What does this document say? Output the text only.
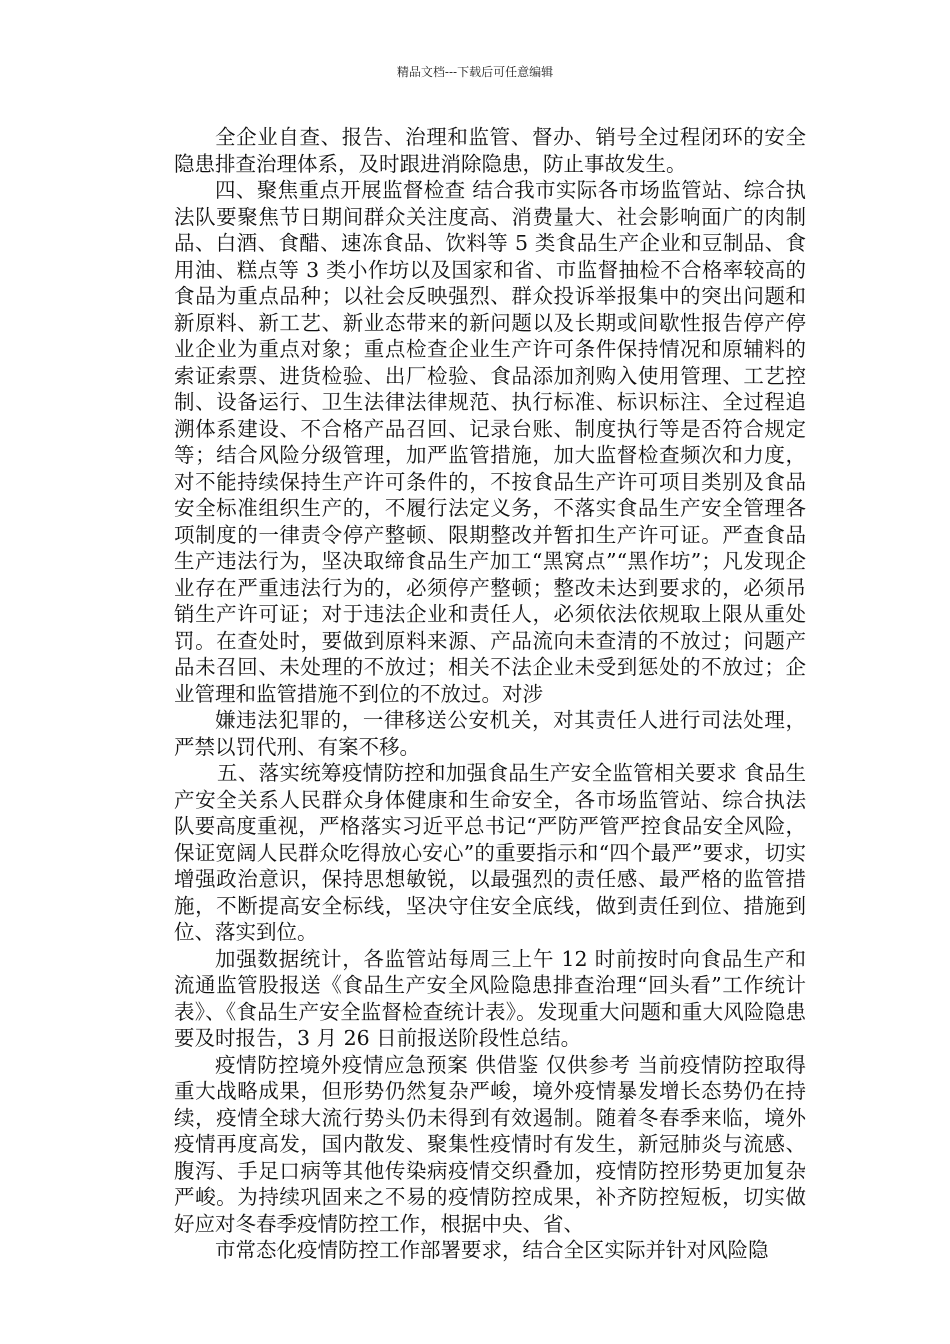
精品文档---下载后可任意编辑

全企业自查、报告、治理和监管、督办、销号全过程闭环的安全隐患排查治理体系，及时跟进消除隐患，防止事故发生。

四、聚焦重点开展监督检查 结合我市实际各市场监管站、综合执法队要聚焦节日期间群众关注度高、消费量大、社会影响面广的肉制品、白酒、食醋、速冻食品、饮料等 5 类食品生产企业和豆制品、食用油、糕点等 3 类小作坊以及国家和省、市监督抽检不合格率较高的食品为重点品种；以社会反映强烈、群众投诉举报集中的突出问题和新原料、新工艺、新业态带来的新问题以及长期或间歇性报告停产停业企业为重点对象；重点检查企业生产许可条件保持情况和原辅料的索证索票、进货检验、出厂检验、食品添加剂购入使用管理、工艺控制、设备运行、卫生法律法律规范、执行标准、标识标注、全过程追溯体系建设、不合格产品召回、记录台账、制度执行等是否符合规定等；结合风险分级管理，加严监管措施，加大监督检查频次和力度，对不能持续保持生产许可条件的，不按食品生产许可项目类别及食品安全标准组织生产的，不履行法定义务，不落实食品生产安全管理各项制度的一律责令停产整顿、限期整改并暂扣生产许可证。严查食品生产违法行为，坚决取缔食品生产加工“黑窝点”“黑作坊”；凡发现企业存在严重违法行为的，必须停产整顿；整改未达到要求的，必须吊销生产许可证；对于违法企业和责任人，必须依法依规取上限从重处罚。在查处时，要做到原料来源、产品流向未查清的不放过；问题产品未召回、未处理的不放过；相关不法企业未受到惩处的不放过；企业管理和监管措施不到位的不放过。对涉

嫌违法犯罪的，一律移送公安机关，对其责任人进行司法处理，严禁以罚代刑、有案不移。

五、落实统筹疫情防控和加强食品生产安全监管相关要求 食品生产安全关系人民群众身体健康和生命安全，各市场监管站、综合执法队要高度重视，严格落实习近平总书记“严防严管严控食品安全风险，保证宽阔人民群众吃得放心安心”的重要指示和“四个最严”要求，切实增强政治意识，保持思想敏锐，以最强烈的责任感、最严格的监管措施，不断提高安全标线，坚决守住安全底线，做到责任到位、措施到位、落实到位。

加强数据统计，各监管站每周三上午 12 时前按时向食品生产和流通监管股报送《食品生产安全风险隐患排查治理“回头看”工作统计表》、《食品生产安全监督检查统计表》。发现重大问题和重大风险隐患要及时报告，3 月 26 日前报送阶段性总结。

疫情防控境外疫情应急预案 供借鉴 仅供参考 当前疫情防控取得重大战略成果，但形势仍然复杂严峻，境外疫情暴发增长态势仍在持续，疫情全球大流行势头仍未得到有效遏制。随着冬春季来临，境外疫情再度高发，国内散发、聚集性疫情时有发生，新冠肺炎与流感、腹泻、手足口病等其他传染病疫情交织叠加，疫情防控形势更加复杂严峻。为持续巩固来之不易的疫情防控成果，补齐防控短板，切实做好应对冬春季疫情防控工作，根据中央、省、

市常态化疫情防控工作部署要求，结合全区实际并针对风险隐
